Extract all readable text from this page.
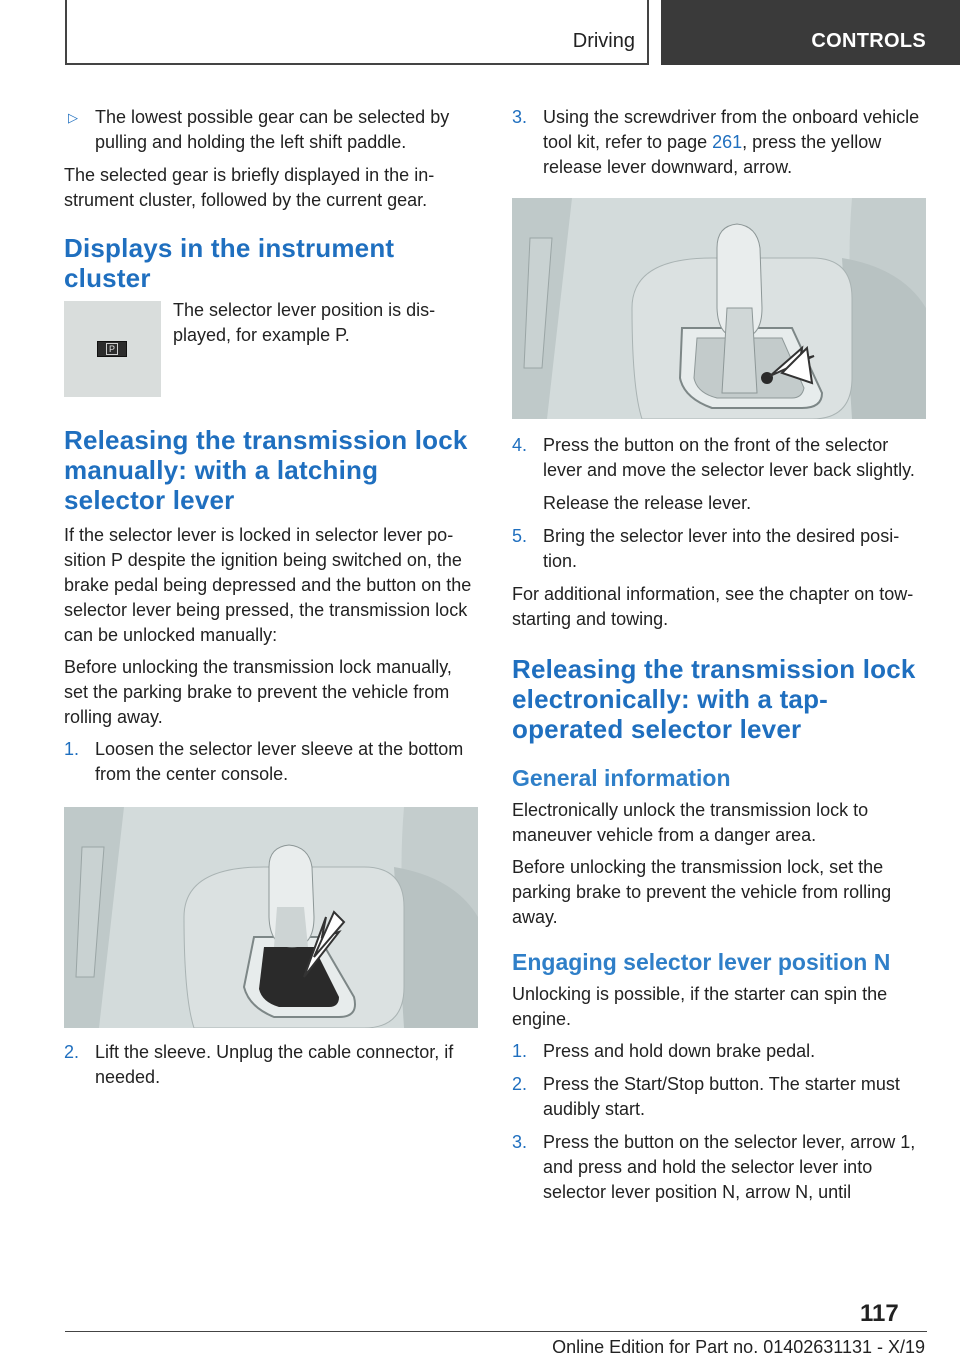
Driving	CONTROLS
▷ The lowest possible gear can be selected by pulling and holding the left shift paddle.

The selected gear is briefly displayed in the instrument cluster, followed by the current gear.

Displays in the instrument cluster
P
The selector lever position is displayed, for example P.
Releasing the transmission lock manually: with a latching selector lever

If the selector lever is locked in selector lever position P despite the ignition being switched on, the brake pedal being depressed and the button on the selector lever being pressed, the transmission lock can be unlocked manually:

Before unlocking the transmission lock manually, set the parking brake to prevent the vehicle from rolling away.

1. Loosen the selector lever sleeve at the bottom from the center console.
2. Lift the sleeve. Unplug the cable connector, if needed.
3. Using the screwdriver from the onboard vehicle tool kit, refer to page 261, press the yellow release lever downward, arrow.
4. Press the button on the front of the selector lever and move the selector lever back slightly.
Release the release lever.
5. Bring the selector lever into the desired position.

For additional information, see the chapter on tow-starting and towing.

Releasing the transmission lock electronically: with a tap-operated selector lever
General information

Electronically unlock the transmission lock to maneuver vehicle from a danger area.

Before unlocking the transmission lock, set the parking brake to prevent the vehicle from rolling away.

Engaging selector lever position N

Unlocking is possible, if the starter can spin the engine.

1. Press and hold down brake pedal.
2. Press the Start/Stop button. The starter must audibly start.
3. Press the button on the selector lever, arrow 1, and press and hold the selector lever into selector lever position N, arrow N, until
117
Online Edition for Part no. 01402631131 - X/19
